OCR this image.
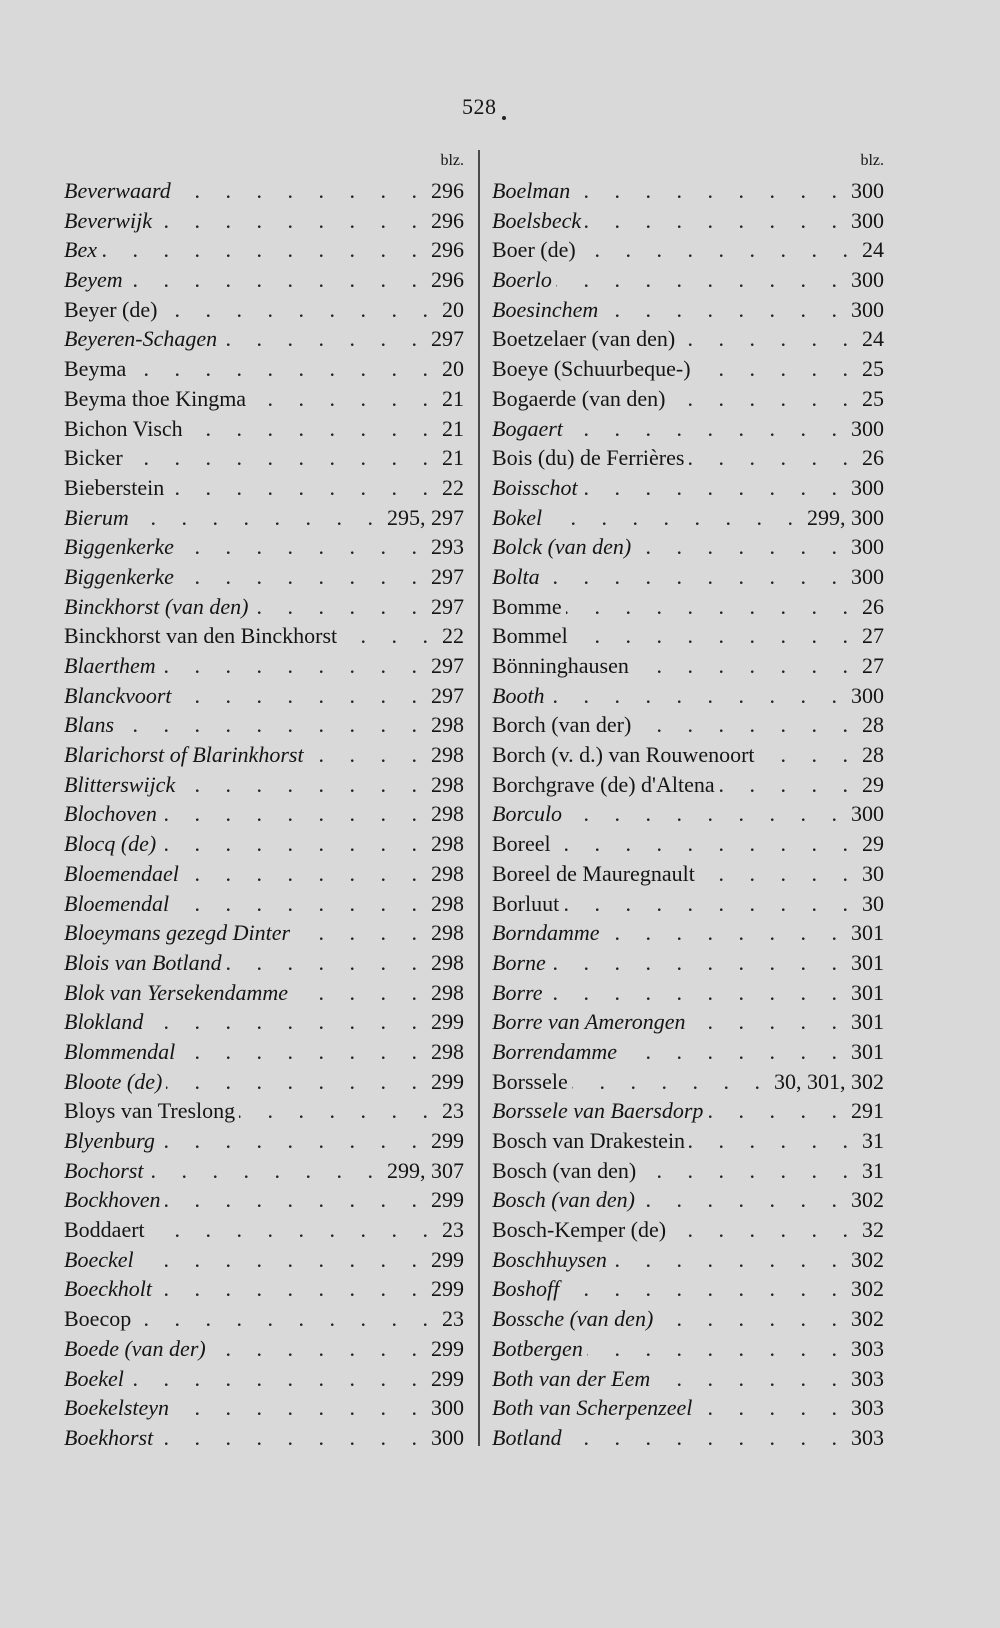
528
blz.
Beverwaard . . .	296
Beverwijk . . .	296
Bex . . .	296
Beyem . . .	296
Beyer (de) . . .	20
Beyeren-Schagen . . .	297
Beyma . . .	20
Beyma thoe Kingma . . .	21
Bichon Visch . . .	21
Bicker . . .	21
Bieberstein . . .	22
Bierum . . .	295, 297
Biggenkerke . . .	293
Biggenkerke . . .	297
Binckhorst (van den) . . .	297
Binckhorst van den Binckhorst . . .	22
Blaerthem . . .	297
Blanckvoort . . .	297
Blans . . .	298
Blarichorst of Blarinkhorst . . .	298
Blitterswijck . . .	298
Blochoven . . .	298
Blocq (de) . . .	298
Bloemendael . . .	298
Bloemendal . . .	298
Bloeymans gezegd Dinter . . .	298
Blois van Botland . . .	298
Blok van Yersekendamme . . .	298
Blokland . . .	299
Blommendal . . .	298
Bloote (de) . . .	299
Bloys van Treslong . . .	23
Blyenburg . . .	299
Bochorst . . .	299, 307
Bockhoven . . .	299
Boddaert . . .	23
Boeckel . . .	299
Boeckholt . . .	299
Boecop . . .	23
Boede (van der) . . .	299
Boekel . . .	299
Boekelsteyn . . .	300
Boekhorst . . .	300
blz.
Boelman . . .	300
Boelsbeck . . .	300
Boer (de) . . .	24
Boerlo . . .	300
Boesinchem . . .	300
Boetzelaer (van den) . . .	24
Boeye (Schuurbeque-) . . .	25
Bogaerde (van den) . . .	25
Bogaert . . .	300
Bois (du) de Ferrières . . .	26
Boisschot . . .	300
Bokel . . .	299, 300
Bolck (van den) . . .	300
Bolta . . .	300
Bomme . . .	26
Bommel . . .	27
Bönninghausen . . .	27
Booth . . .	300
Borch (van der) . . .	28
Borch (v. d.) van Rouwenoort . . .	28
Borchgrave (de) d'Altena . . .	29
Borculo . . .	300
Boreel . . .	29
Boreel de Mauregnault . . .	30
Borluut . . .	30
Borndamme . . .	301
Borne . . .	301
Borre . . .	301
Borre van Amerongen . . .	301
Borrendamme . . .	301
Borssele . . .	30, 301, 302
Borssele van Baersdorp . . .	291
Bosch van Drakestein . . .	31
Bosch (van den) . . .	31
Bosch (van den) . . .	302
Bosch-Kemper (de) . . .	32
Boschhuysen . . .	302
Boshoff . . .	302
Bossche (van den) . . .	302
Botbergen . . .	303
Both van der Eem . . .	303
Both van Scherpenzeel . . .	303
Botland . . .	303
